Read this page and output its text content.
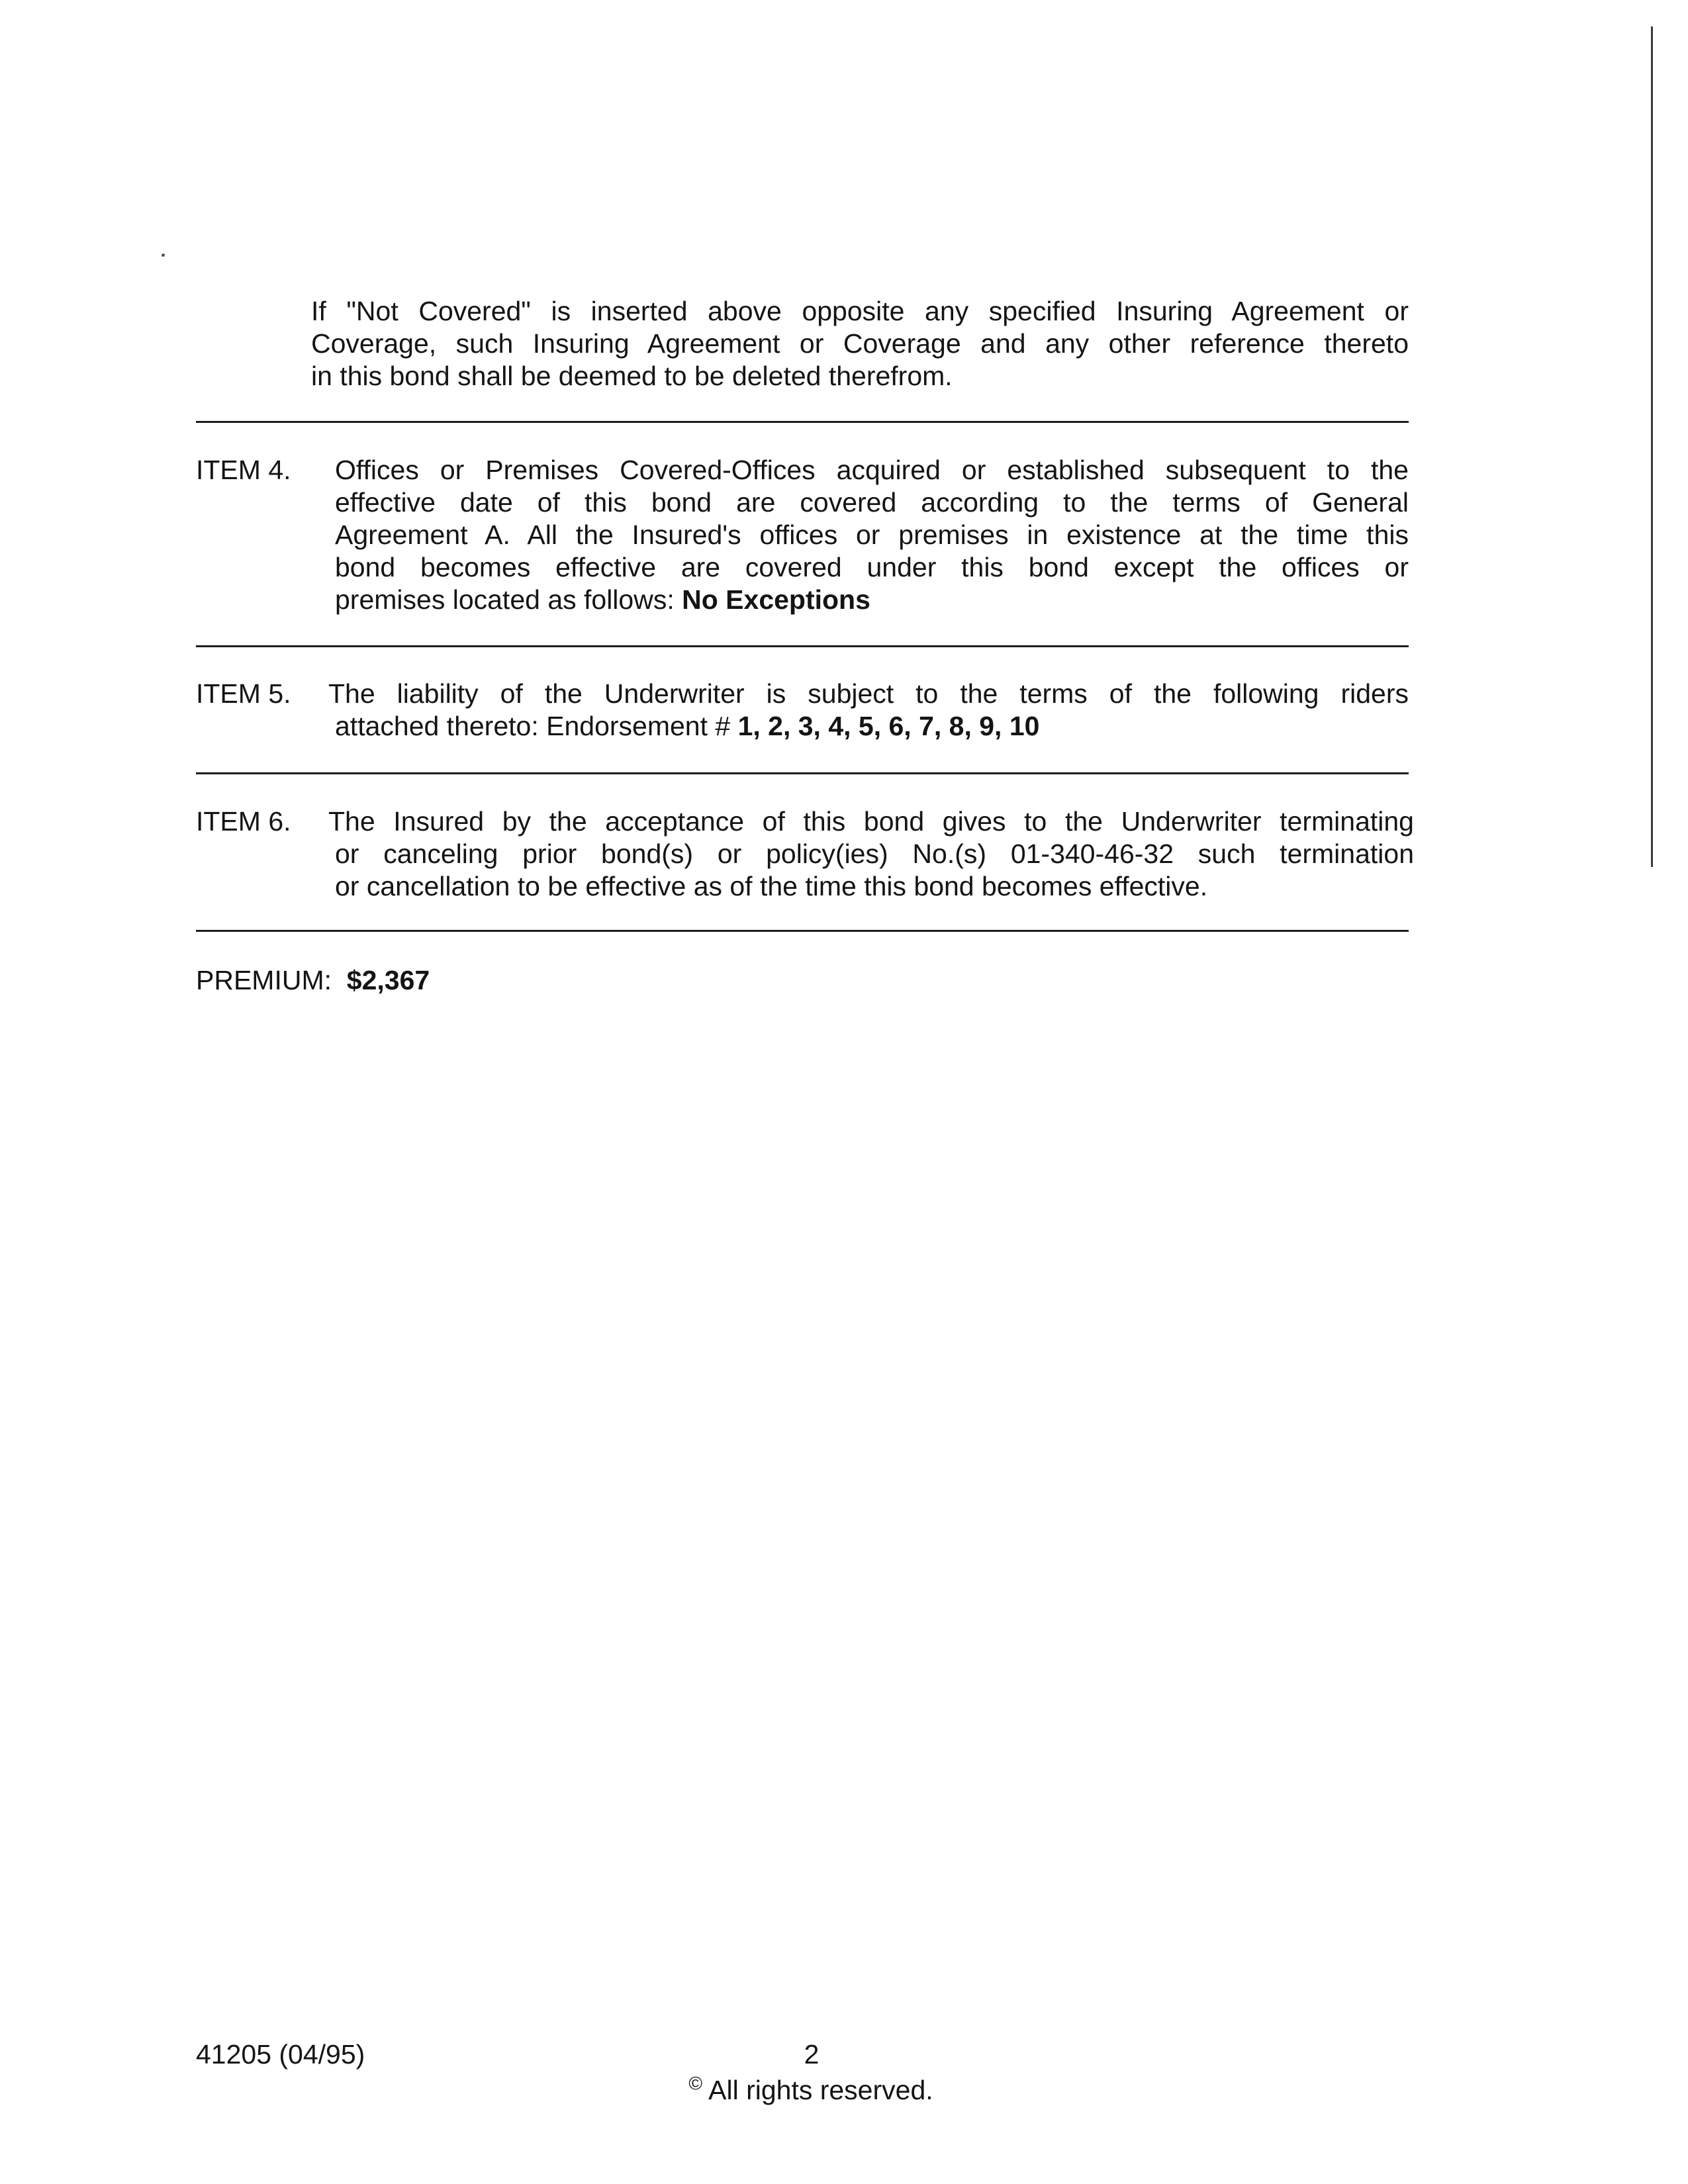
If "Not Covered" is inserted above opposite any specified Insuring Agreement or
Coverage, such Insuring Agreement or Coverage and any other reference thereto
in this bond shall be deemed to be deleted therefrom.
ITEM 4. Offices or Premises Covered-Offices acquired or established subsequent to the
effective date of this bond are covered according to the terms of General
Agreement A. All the Insured's offices or premises in existence at the time this
bond becomes effective are covered under this bond except the offices or
premises located as follows: No Exceptions
ITEM 5. The liability of the Underwriter is subject to the terms of the following riders
attached thereto: Endorsement # 1, 2, 3, 4, 5, 6, 7, 8, 9, 10
ITEM 6. The Insured by the acceptance of this bond gives to the Underwriter terminating
or canceling prior bond(s) or policy(ies) No.(s) 01-340-46-32 such termination
or cancellation to be effective as of the time this bond becomes effective.
PREMIUM: $2,367
41205 (04/95)	2
© All rights reserved.
